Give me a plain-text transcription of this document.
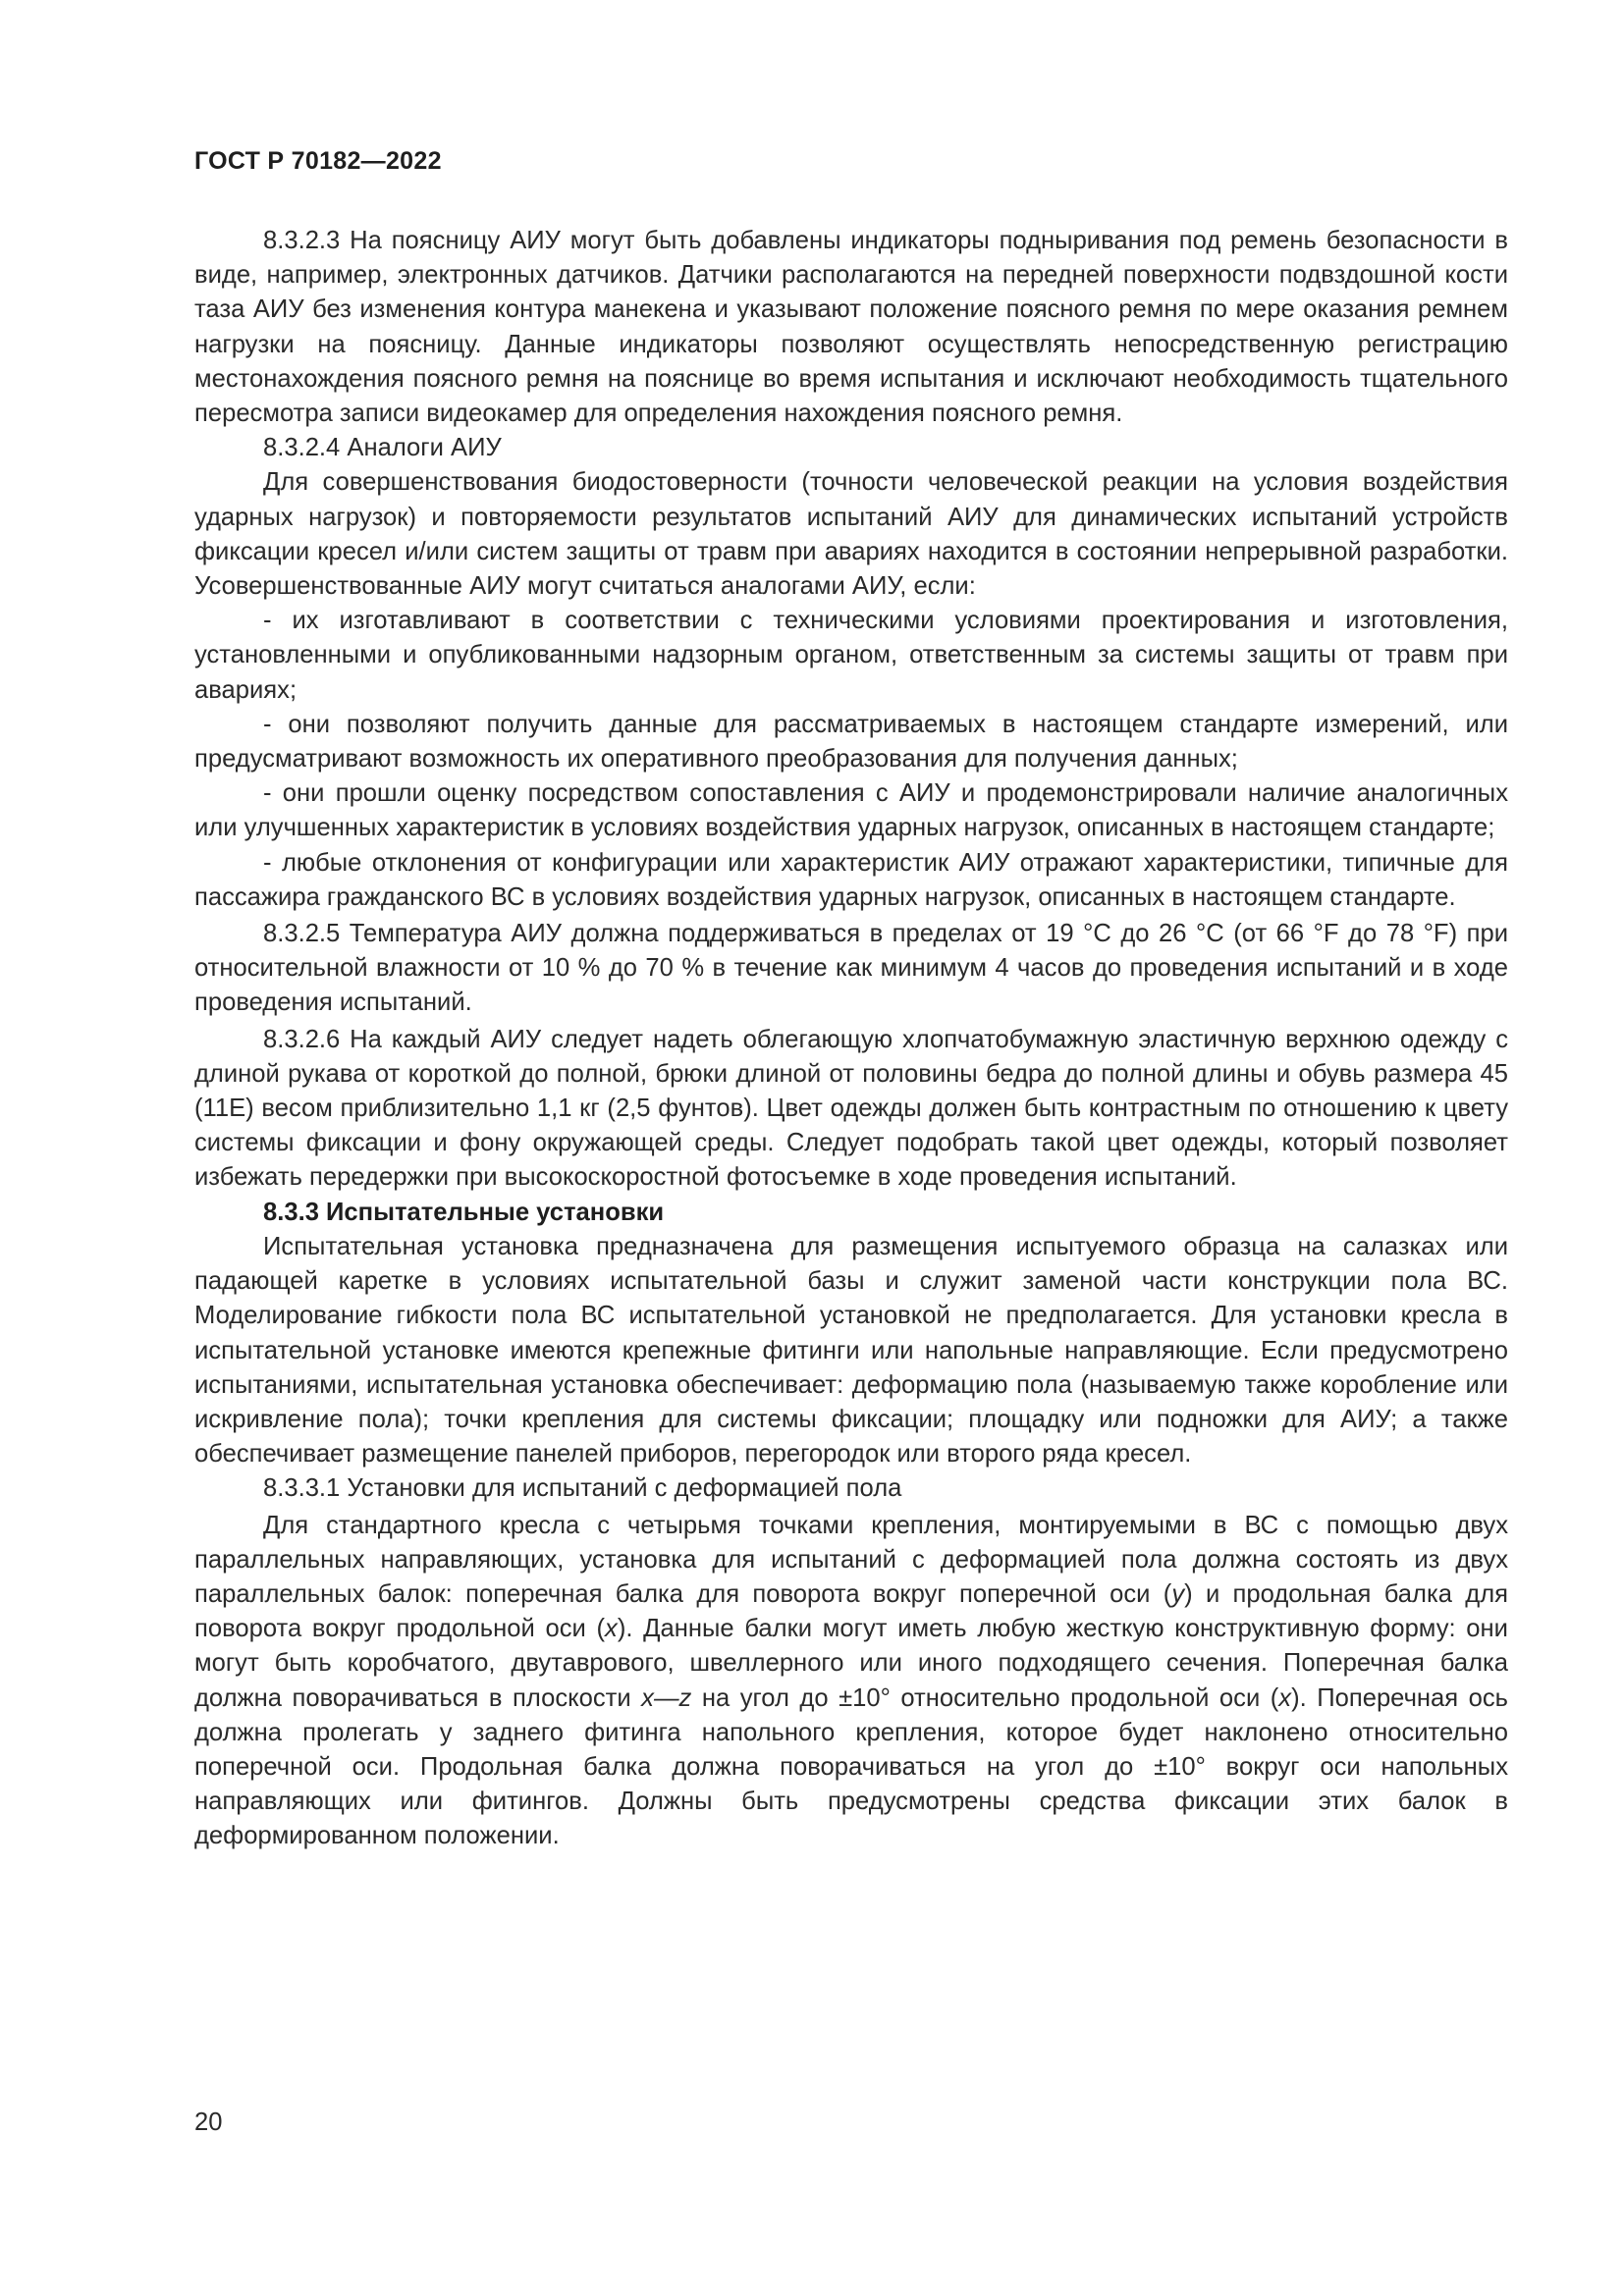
ГОСТ Р 70182—2022

8.3.2.3 На поясницу АИУ могут быть добавлены индикаторы подныривания под ремень безопасности в виде, например, электронных датчиков. Датчики располагаются на передней поверхности подвздошной кости таза АИУ без изменения контура манекена и указывают положение поясного ремня по мере оказания ремнем нагрузки на поясницу. Данные индикаторы позволяют осуществлять непосредственную регистрацию местонахождения поясного ремня на пояснице во время испытания и исключают необходимость тщательного пересмотра записи видеокамер для определения нахождения поясного ремня.

8.3.2.4 Аналоги АИУ

Для совершенствования биодостоверности (точности человеческой реакции на условия воздействия ударных нагрузок) и повторяемости результатов испытаний АИУ для динамических испытаний устройств фиксации кресел и/или систем защиты от травм при авариях находится в состоянии непрерывной разработки. Усовершенствованные АИУ могут считаться аналогами АИУ, если:

- их изготавливают в соответствии с техническими условиями проектирования и изготовления, установленными и опубликованными надзорным органом, ответственным за системы защиты от травм при авариях;

- они позволяют получить данные для рассматриваемых в настоящем стандарте измерений, или предусматривают возможность их оперативного преобразования для получения данных;

- они прошли оценку посредством сопоставления с АИУ и продемонстрировали наличие аналогичных или улучшенных характеристик в условиях воздействия ударных нагрузок, описанных в настоящем стандарте;

- любые отклонения от конфигурации или характеристик АИУ отражают характеристики, типичные для пассажира гражданского ВС в условиях воздействия ударных нагрузок, описанных в настоящем стандарте.

8.3.2.5 Температура АИУ должна поддерживаться в пределах от 19 °С до 26 °С (от 66 °F до 78 °F) при относительной влажности от 10 % до 70 % в течение как минимум 4 часов до проведения испытаний и в ходе проведения испытаний.

8.3.2.6 На каждый АИУ следует надеть облегающую хлопчатобумажную эластичную верхнюю одежду с длиной рукава от короткой до полной, брюки длиной от половины бедра до полной длины и обувь размера 45 (11Е) весом приблизительно 1,1 кг (2,5 фунтов). Цвет одежды должен быть контрастным по отношению к цвету системы фиксации и фону окружающей среды. Следует подобрать такой цвет одежды, который позволяет избежать передержки при высокоскоростной фотосъемке в ходе проведения испытаний.

8.3.3 Испытательные установки

Испытательная установка предназначена для размещения испытуемого образца на салазках или падающей каретке в условиях испытательной базы и служит заменой части конструкции пола ВС. Моделирование гибкости пола ВС испытательной установкой не предполагается. Для установки кресла в испытательной установке имеются крепежные фитинги или напольные направляющие. Если предусмотрено испытаниями, испытательная установка обеспечивает: деформацию пола (называемую также коробление или искривление пола); точки крепления для системы фиксации; площадку или подножки для АИУ; а также обеспечивает размещение панелей приборов, перегородок или второго ряда кресел.

8.3.3.1 Установки для испытаний с деформацией пола

Для стандартного кресла с четырьмя точками крепления, монтируемыми в ВС с помощью двух параллельных направляющих, установка для испытаний с деформацией пола должна состоять из двух параллельных балок: поперечная балка для поворота вокруг поперечной оси (y) и продольная балка для поворота вокруг продольной оси (x). Данные балки могут иметь любую жесткую конструктивную форму: они могут быть коробчатого, двутаврового, швеллерного или иного подходящего сечения. Поперечная балка должна поворачиваться в плоскости x—z на угол до ±10° относительно продольной оси (x). Поперечная ось должна пролегать у заднего фитинга напольного крепления, которое будет наклонено относительно поперечной оси. Продольная балка должна поворачиваться на угол до ±10° вокруг оси напольных направляющих или фитингов. Должны быть предусмотрены средства фиксации этих балок в деформированном положении.

20
